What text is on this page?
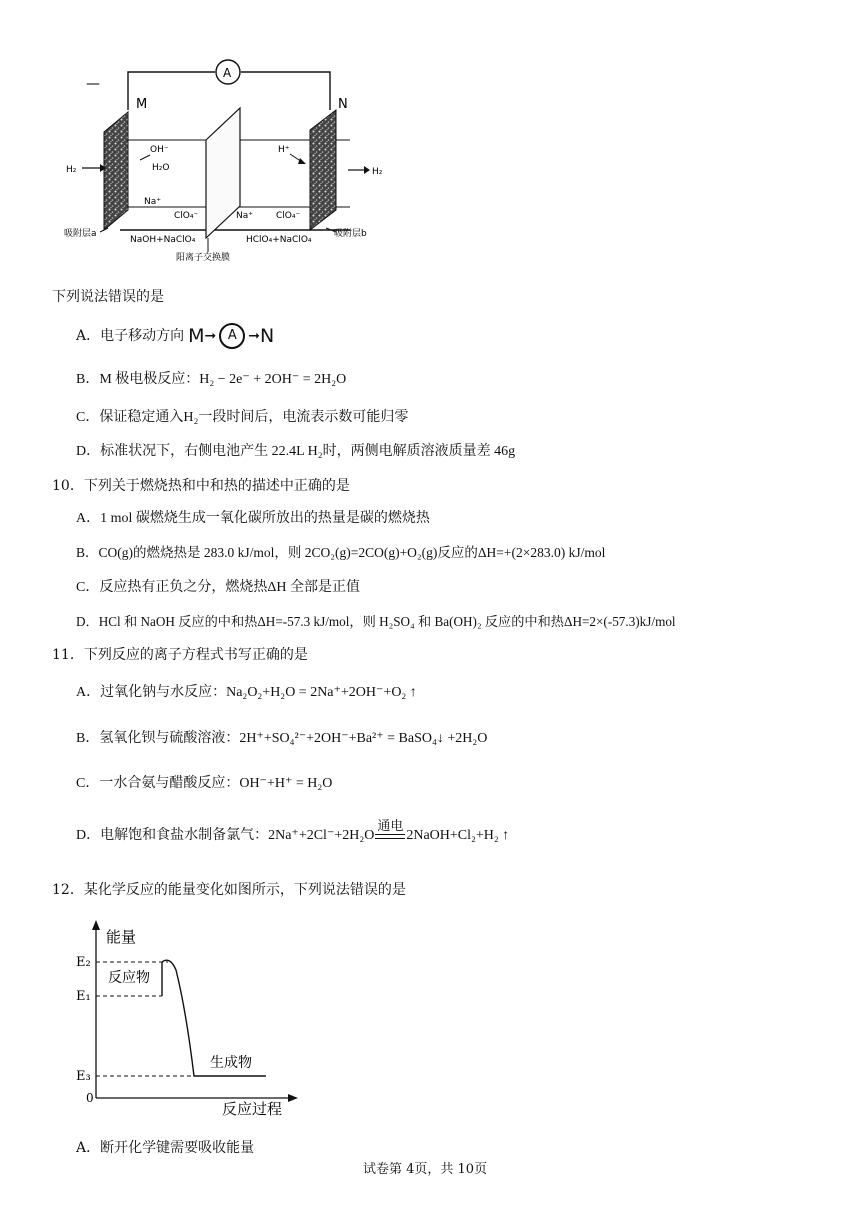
—
A
M	N
H₂	H₂
OH⁻
H₂O
H⁺
Na⁺
ClO₄⁻	Na⁺	ClO₄⁻
吸附层a
NaOH+NaClO₄	HClO₄+NaClO₄
吸附层b
阳离子交换膜
下列说法错误的是
A．电子移动方向 M ➞ A ➞ N
B．M 极电极反应：H₂ − 2e⁻ + 2OH⁻ = 2H₂O
C．保证稳定通入H₂一段时间后，电流表示数可能归零
D．标准状况下，右侧电池产生 22.4L H₂时，两侧电解质溶液质量差 46g
10．下列关于燃烧热和中和热的描述中正确的是
A．1 mol 碳燃烧生成一氧化碳所放出的热量是碳的燃烧热
B．CO(g)的燃烧热是 283.0 kJ/mol，则 2CO₂(g)=2CO(g)+O₂(g)反应的ΔH=+(2×283.0) kJ/mol
C．反应热有正负之分，燃烧热ΔH 全部是正值
D．HCl 和 NaOH 反应的中和热ΔH=-57.3 kJ/mol，则 H₂SO₄ 和 Ba(OH)₂ 反应的中和热ΔH=2×(-57.3)kJ/mol
11．下列反应的离子方程式书写正确的是
A．过氧化钠与水反应：Na₂O₂+H₂O = 2Na⁺+2OH⁻+O₂ ↑
B．氢氧化钡与硫酸溶液：2H⁺+SO₄²⁻+2OH⁻+Ba²⁺ = BaSO₄↓ +2H₂O
C．一水合氨与醋酸反应：OH⁻+H⁺ = H₂O
D．电解饱和食盐水制备氯气：2Na⁺+2Cl⁻+2H₂O
通电
2NaOH+Cl₂+H₂ ↑
12．某化学反应的能量变化如图所示，下列说法错误的是
能量
反应过程
0
E₂
E₁
E₃
反应物
生成物
A．断开化学键需要吸收能量
试卷第 4页，共 10页
